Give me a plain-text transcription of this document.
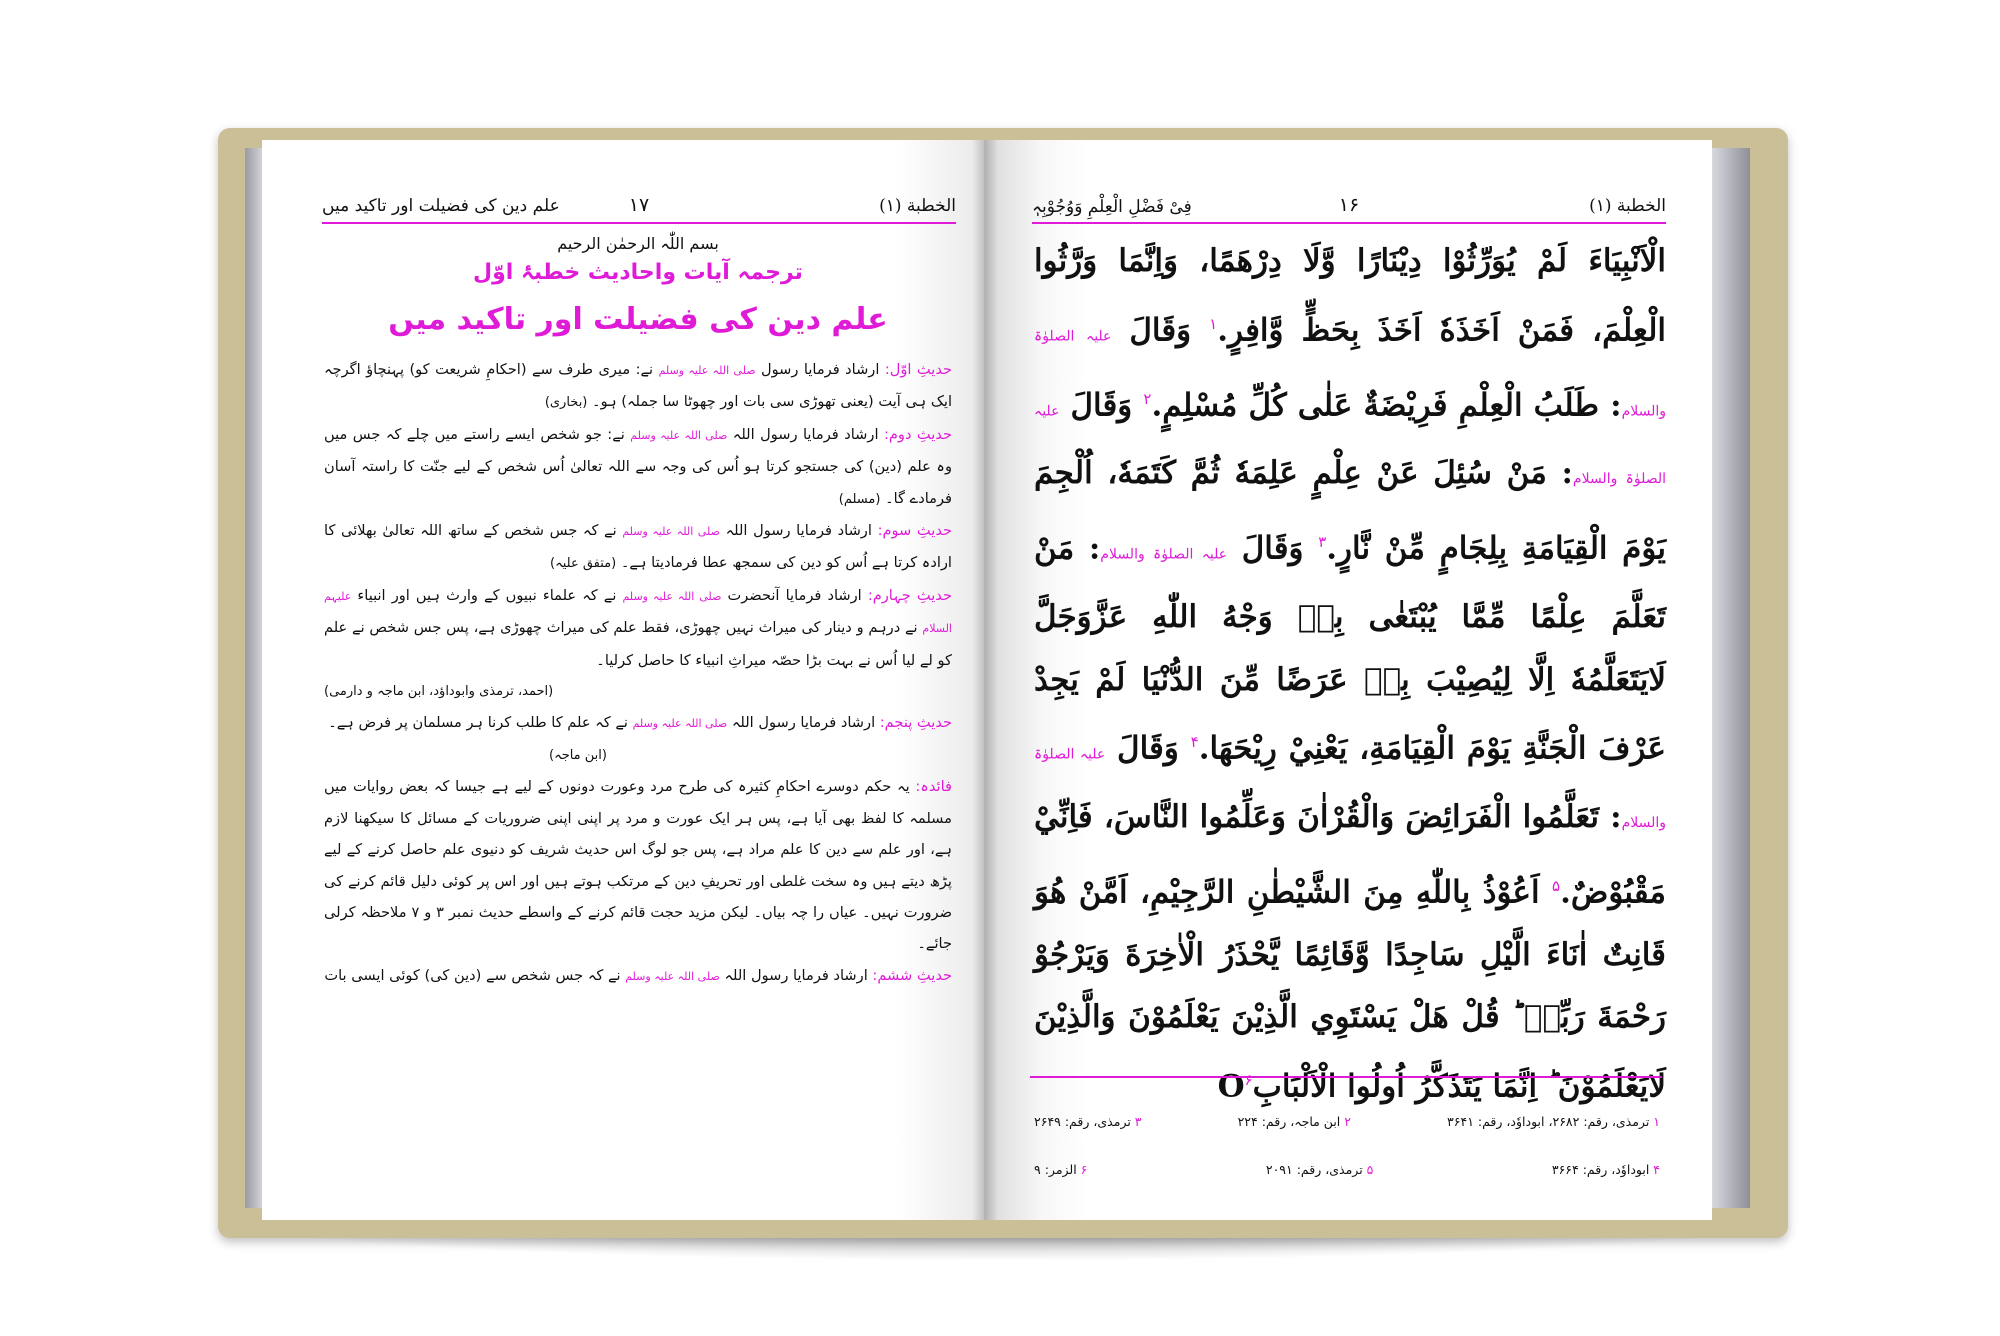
الخطبة (۱)
۱۷
علم دین کی فضیلت اور تاکید میں
بسم اللّٰہ الرحمٰن الرحیم
ترجمہ آیات واحادیث خطبۂ اوّل
علم دین کی فضیلت اور تاکید میں

حدیثِ اوّل: ارشاد فرمایا رسول صلی اللہ علیہ وسلم نے: میری طرف سے (احکامِ شریعت کو) پہنچاؤ اگرچہ ایک ہی آیت (یعنی تھوڑی سی بات اور چھوٹا سا جملہ) ہو۔ (بخاری)

حدیثِ دوم: ارشاد فرمایا رسول اللہ صلی اللہ علیہ وسلم نے: جو شخص ایسے راستے میں چلے کہ جس میں وہ علم (دین) کی جستجو کرتا ہو اُس کی وجہ سے اللہ تعالیٰ اُس شخص کے لیے جنّت کا راستہ آسان فرمادے گا۔ (مسلم)

حدیثِ سوم: ارشاد فرمایا رسول اللہ صلی اللہ علیہ وسلم نے کہ جس شخص کے ساتھ اللہ تعالیٰ بھلائی کا ارادہ کرتا ہے اُس کو دین کی سمجھ عطا فرمادیتا ہے۔ (متفق علیہ)

حدیثِ چہارم: ارشاد فرمایا آنحضرت صلی اللہ علیہ وسلم نے کہ علماء نبیوں کے وارث ہیں اور انبیاء علیہم السلام نے درہم و دینار کی میراث نہیں چھوڑی، فقط علم کی میراث چھوڑی ہے، پس جس شخص نے علم کو لے لیا اُس نے بہت بڑا حصّہ میراثِ انبیاء کا حاصل کرلیا۔

(احمد، ترمذی وابوداؤد، ابن ماجہ و دارمی)

حدیثِ پنجم: ارشاد فرمایا رسول اللہ صلی اللہ علیہ وسلم نے کہ علم کا طلب کرنا ہر مسلمان پر فرض ہے۔

(ابن ماجہ)

فائدہ: یہ حکم دوسرے احکامِ کثیرہ کی طرح مرد وعورت دونوں کے لیے ہے جیسا کہ بعض روایات میں مسلمہ کا لفظ بھی آیا ہے، پس ہر ایک عورت و مرد پر اپنی اپنی ضروریات کے مسائل کا سیکھنا لازم ہے، اور علم سے دین کا علم مراد ہے، پس جو لوگ اس حدیث شریف کو دنیوی علم حاصل کرنے کے لیے پڑھ دیتے ہیں وہ سخت غلطی اور تحریفِ دین کے مرتکب ہوتے ہیں اور اس پر کوئی دلیل قائم کرنے کی ضرورت نہیں۔ عیاں را چہ بیاں۔ لیکن مزید حجت قائم کرنے کے واسطے حدیث نمبر ۳ و ۷ ملاحظہ کرلی جائے۔

حدیثِ ششم: ارشاد فرمایا رسول اللہ صلی اللہ علیہ وسلم نے کہ جس شخص سے (دین کی) کوئی ایسی بات

الخطبة (۱)
۱۶
فِیْ فَضْلِ الْعِلْمِ وَوُجُوْبِہٖ
الْاَنْبِيَاءَ لَمْ يُوَرِّثُوْا دِيْنَارًا وَّلَا دِرْهَمًا، وَاِنَّمَا وَرَّثُوا الْعِلْمَ، فَمَنْ اَخَذَهٗ اَخَذَ بِحَظٍّ وَّافِرٍ.$^۱$ وَقَالَ علیہ الصلوٰۃ والسلام: طَلَبُ الْعِلْمِ فَرِيْضَةٌ عَلٰى كُلِّ مُسْلِمٍ.$^۲$ وَقَالَ علیہ الصلوٰۃ والسلام: مَنْ سُئِلَ عَنْ عِلْمٍ عَلِمَهٗ ثُمَّ كَتَمَهٗ، اُلْجِمَ يَوْمَ الْقِيَامَةِ بِلِجَامٍ مِّنْ نَّارٍ.$^۳$ وَقَالَ علیہ الصلوٰۃ والسلام: مَنْ تَعَلَّمَ عِلْمًا مِّمَّا يُبْتَغٰى بِهٖ وَجْهُ اللّٰهِ عَزَّوَجَلَّ لَايَتَعَلَّمُهٗ اِلَّا لِيُصِيْبَ بِهٖ عَرَضًا مِّنَ الدُّنْيَا لَمْ يَجِدْ عَرْفَ الْجَنَّةِ يَوْمَ الْقِيَامَةِ، يَعْنِيْ رِيْحَهَا.$^۴$ وَقَالَ علیہ الصلوٰۃ والسلام: تَعَلَّمُوا الْفَرَائِضَ وَالْقُرْاٰنَ وَعَلِّمُوا النَّاسَ، فَاِنِّيْ مَقْبُوْضٌ.$^۵$ اَعُوْذُ بِاللّٰهِ مِنَ الشَّيْطٰنِ الرَّجِيْمِ، اَمَّنْ هُوَ قَانِتٌ اٰنَاءَ الَّيْلِ سَاجِدًا وَّقَائِمًا يَّحْذَرُ الْاٰخِرَةَ وَيَرْجُوْ رَحْمَةَ رَبِّهٖ ؕ قُلْ هَلْ يَسْتَوِي الَّذِيْنَ يَعْلَمُوْنَ وَالَّذِيْنَ لَايَعْلَمُوْنَ ؕ اِنَّمَا يَتَذَكَّرُ اُولُوا الْاَلْبَابِO$^۶$
۱ ترمذی، رقم: ۲۶۸۲، ابوداوٗد، رقم: ۳۶۴۱
۲ ابن ماجہ، رقم: ۲۲۴
۳ ترمذی، رقم: ۲۶۴۹
۴ ابوداوٗد، رقم: ۳۶۶۴
۵ ترمذی، رقم: ۲۰۹۱
۶ الزمر: ۹
